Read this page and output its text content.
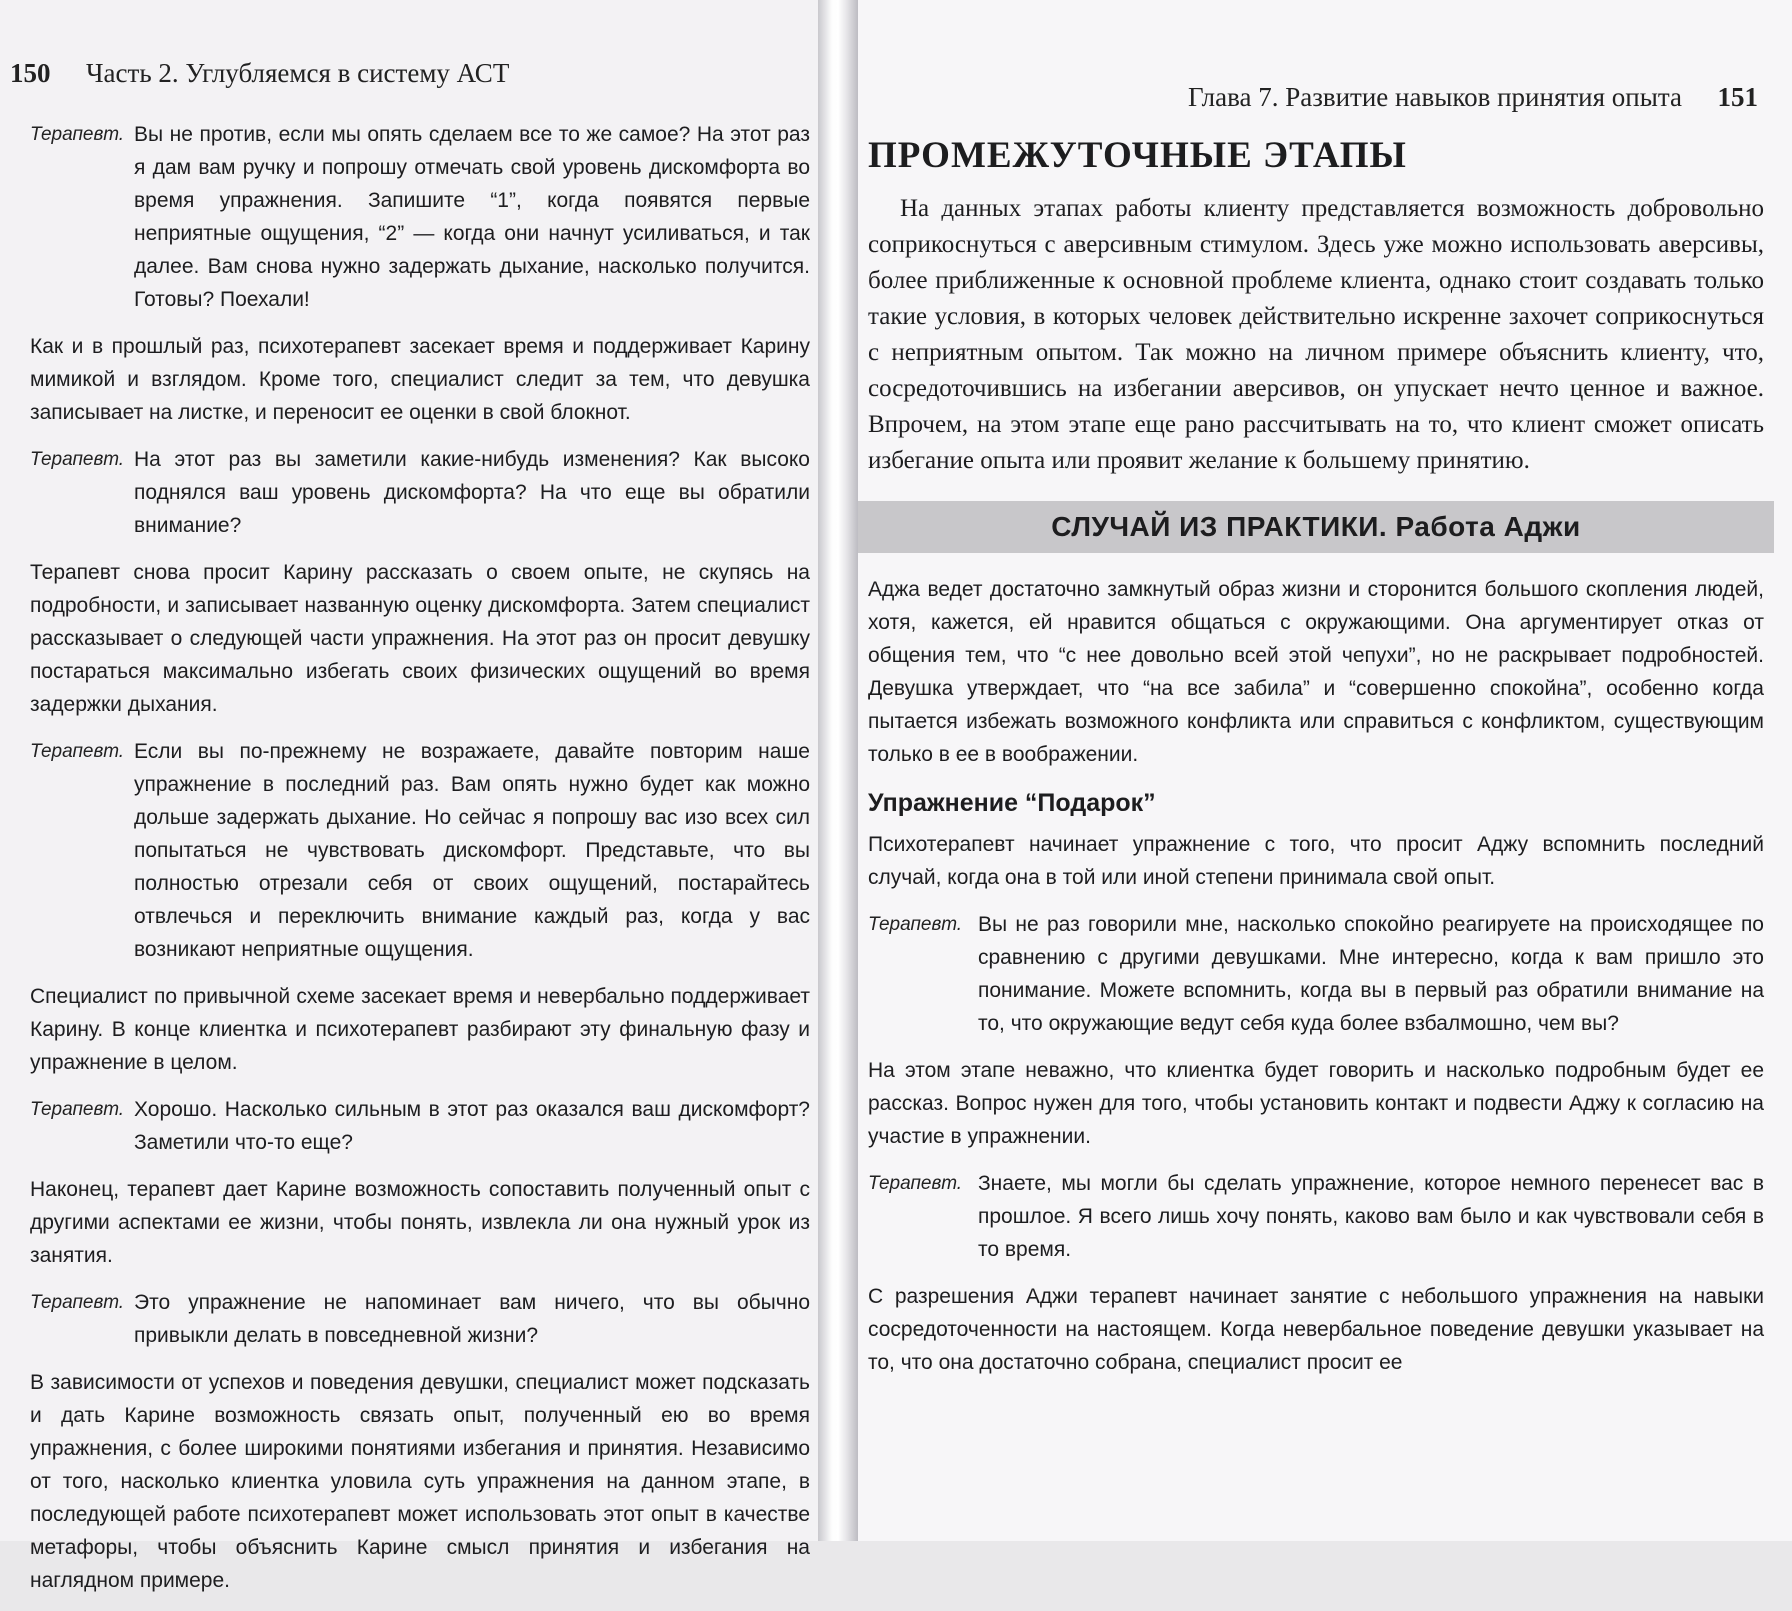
150 Часть 2. Углубляемся в систему АСТ
Терапевт. Вы не против, если мы опять сделаем все то же самое? На этот раз я дам вам ручку и попрошу отмечать свой уровень дискомфорта во время упражнения. Запишите “1”, когда появятся первые неприятные ощущения, “2” — когда они начнут усиливаться, и так далее. Вам снова нужно задержать дыхание, насколько получится. Готовы? Поехали!

Как и в прошлый раз, психотерапевт засекает время и поддерживает Карину мимикой и взглядом. Кроме того, специалист следит за тем, что девушка записывает на листке, и переносит ее оценки в свой блокнот.

Терапевт. На этот раз вы заметили какие-нибудь изменения? Как высоко поднялся ваш уровень дискомфорта? На что еще вы обратили внимание?

Терапевт снова просит Карину рассказать о своем опыте, не скупясь на подробности, и записывает названную оценку дискомфорта. Затем специалист рассказывает о следующей части упражнения. На этот раз он просит девушку постараться максимально избегать своих физических ощущений во время задержки дыхания.

Терапевт. Если вы по-прежнему не возражаете, давайте повторим наше упражнение в последний раз. Вам опять нужно будет как можно дольше задержать дыхание. Но сейчас я попрошу вас изо всех сил попытаться не чувствовать дискомфорт. Представьте, что вы полностью отрезали себя от своих ощущений, постарайтесь отвлечься и переключить внимание каждый раз, когда у вас возникают неприятные ощущения.

Специалист по привычной схеме засекает время и невербально поддерживает Карину. В конце клиентка и психотерапевт разбирают эту финальную фазу и упражнение в целом.

Терапевт. Хорошо. Насколько сильным в этот раз оказался ваш дискомфорт? Заметили что-то еще?

Наконец, терапевт дает Карине возможность сопоставить полученный опыт с другими аспектами ее жизни, чтобы понять, извлекла ли она нужный урок из занятия.

Терапевт. Это упражнение не напоминает вам ничего, что вы обычно привыкли делать в повседневной жизни?

В зависимости от успехов и поведения девушки, специалист может подсказать и дать Карине возможность связать опыт, полученный ею во время упражнения, с более широкими понятиями избегания и принятия. Независимо от того, насколько клиентка уловила суть упражнения на данном этапе, в последующей работе психотерапевт может использовать этот опыт в качестве метафоры, чтобы объяснить Карине смысл принятия и избегания на наглядном примере.

Глава 7. Развитие навыков принятия опыта 151
ПРОМЕЖУТОЧНЫЕ ЭТАПЫ

На данных этапах работы клиенту представляется возможность добровольно соприкоснуться с аверсивным стимулом. Здесь уже можно использовать аверсивы, более приближенные к основной проблеме клиента, однако стоит создавать только такие условия, в которых человек действительно искренне захочет соприкоснуться с неприятным опытом. Так можно на личном примере объяснить клиенту, что, сосредоточившись на избегании аверсивов, он упускает нечто ценное и важное. Впрочем, на этом этапе еще рано рассчитывать на то, что клиент сможет описать избегание опыта или проявит желание к большему принятию.

СЛУЧАЙ ИЗ ПРАКТИКИ. Работа Аджи

Аджа ведет достаточно замкнутый образ жизни и сторонится большого скопления людей, хотя, кажется, ей нравится общаться с окружающими. Она аргументирует отказ от общения тем, что “с нее довольно всей этой чепухи”, но не раскрывает подробностей. Девушка утверждает, что “на все забила” и “совершенно спокойна”, особенно когда пытается избежать возможного конфликта или справиться с конфликтом, существующим только в ее в воображении.

Упражнение “Подарок”

Психотерапевт начинает упражнение с того, что просит Аджу вспомнить последний случай, когда она в той или иной степени принимала свой опыт.

Терапевт. Вы не раз говорили мне, насколько спокойно реагируете на происходящее по сравнению с другими девушками. Мне интересно, когда к вам пришло это понимание. Можете вспомнить, когда вы в первый раз обратили внимание на то, что окружающие ведут себя куда более взбалмошно, чем вы?

На этом этапе неважно, что клиентка будет говорить и насколько подробным будет ее рассказ. Вопрос нужен для того, чтобы установить контакт и подвести Аджу к согласию на участие в упражнении.

Терапевт. Знаете, мы могли бы сделать упражнение, которое немного перенесет вас в прошлое. Я всего лишь хочу понять, каково вам было и как чувствовали себя в то время.

С разрешения Аджи терапевт начинает занятие с небольшого упражнения на навыки сосредоточенности на настоящем. Когда невербальное поведение девушки указывает на то, что она достаточно собрана, специалист просит ее
